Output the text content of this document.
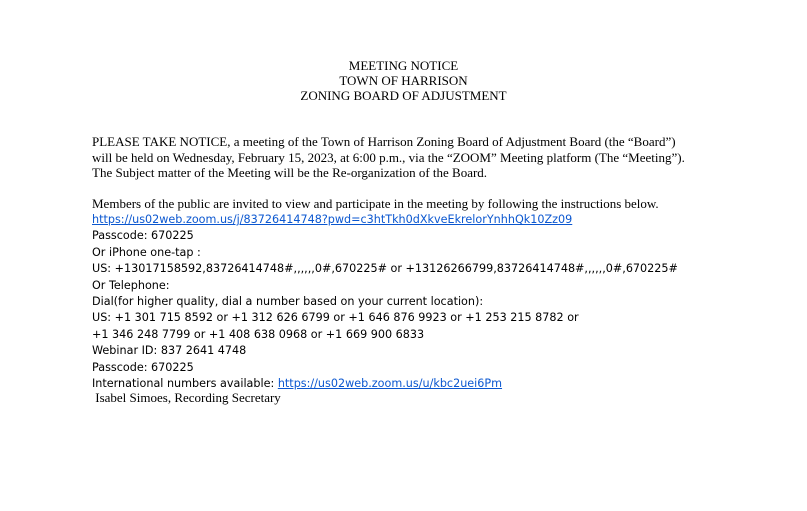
MEETING NOTICE
TOWN OF HARRISON
ZONING BOARD OF ADJUSTMENT

PLEASE TAKE NOTICE, a meeting of the Town of Harrison Zoning Board of Adjustment Board (the “Board”)

will be held on Wednesday, February 15, 2023, at 6:00 p.m., via the “ZOOM” Meeting platform (The “Meeting”).

The Subject matter of the Meeting will be the Re-organization of the Board.

Members of the public are invited to view and participate in the meeting by following the instructions below.
https://us02web.zoom.us/j/83726414748?pwd=c3htTkh0dXkveEkrelorYnhhQk10Zz09
Passcode: 670225
Or iPhone one-tap :
US: +13017158592,83726414748#,,,,,,0#,670225# or +13126266799,83726414748#,,,,,,0#,670225#
Or Telephone:
Dial(for higher quality, dial a number based on your current location):
US: +1 301 715 8592 or +1 312 626 6799 or +1 646 876 9923 or +1 253 215 8782 or
+1 346 248 7799 or +1 408 638 0968 or +1 669 900 6833
Webinar ID: 837 2641 4748
Passcode: 670225
International numbers available: https://us02web.zoom.us/u/kbc2uei6Pm
Isabel Simoes, Recording Secretary
